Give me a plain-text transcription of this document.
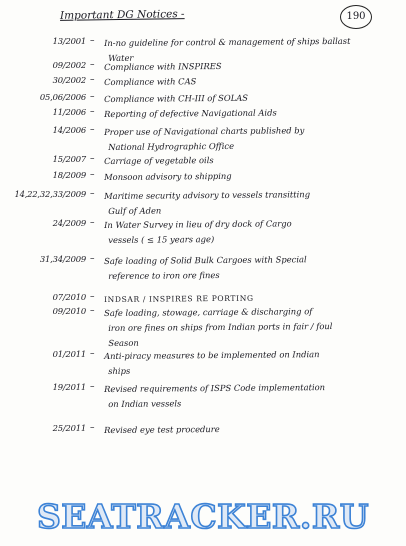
Important DG Notices -	190
13/2001 – In-no guideline for control & management of ships ballast
Water
09/2002 – Compliance with INSPIRES
30/2002 – Compliance with CAS
05,06/2006 – Compliance with CH-III of SOLAS
11/2006 – Reporting of defective Navigational Aids
14/2006 – Proper use of Navigational charts published by
National Hydrographic Office
15/2007 – Carriage of vegetable oils
18/2009 – Monsoon advisory to shipping
14,22,32,33/2009 – Maritime security advisory to vessels transitting
Gulf of Aden
24/2009 – In Water Survey in lieu of dry dock of Cargo
vessels ( ≤ 15 years age)
31,34/2009 – Safe loading of Solid Bulk Cargoes with Special
reference to iron ore fines
07/2010 – INDSAR / INSPIRES RE PORTING
09/2010 – Safe loading, stowage, carriage & discharging of
iron ore fines on ships from Indian ports in fair / foul
Season
01/2011 – Anti-piracy measures to be implemented on Indian
ships
19/2011 – Revised requirements of ISPS Code implementation
on Indian vessels
25/2011 – Revised eye test procedure
SEATRACKER.RU
